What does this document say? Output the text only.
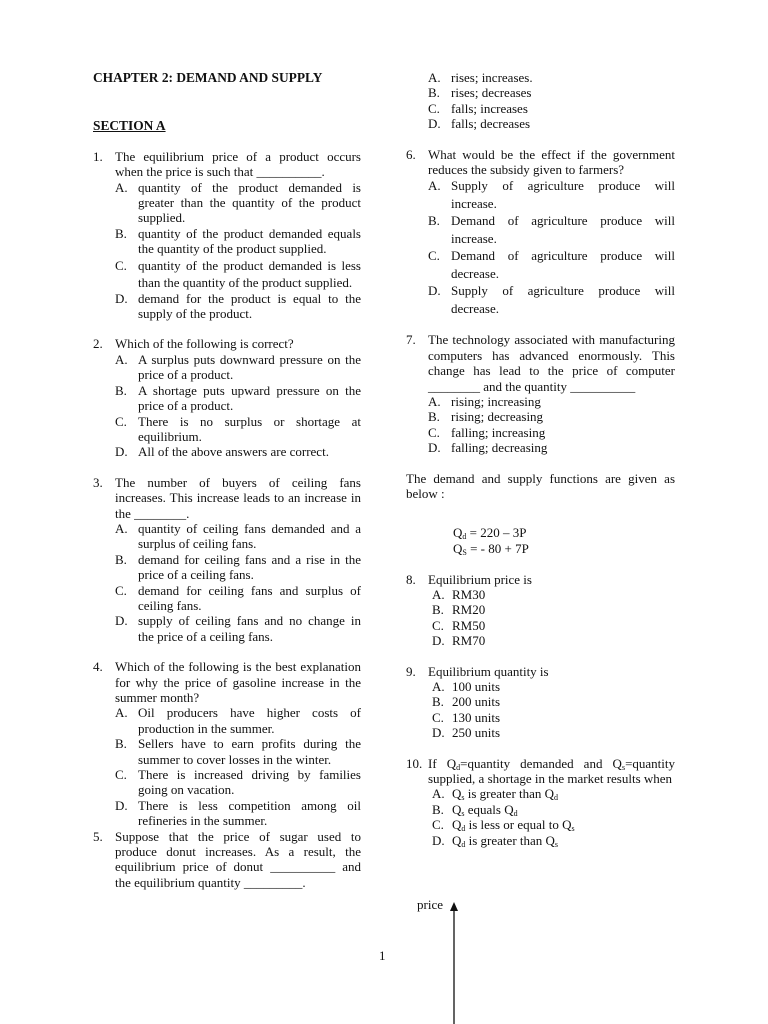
CHAPTER 2: DEMAND AND SUPPLY

SECTION A
1. The equilibrium price of a product occurs when the price is such that __________.
A. quantity of the product demanded is greater than the quantity of the product supplied.
B. quantity of the product demanded equals the quantity of the product supplied.
C. quantity of the product demanded is less than the quantity of the product supplied.
D. demand for the product is equal to the supply of the product.
2. Which of the following is correct?
A. A surplus puts downward pressure on the price of a product.
B. A shortage puts upward pressure on the price of a product.
C. There is no surplus or shortage at equilibrium.
D. All of the above answers are correct.
3. The number of buyers of ceiling fans increases. This increase leads to an increase in the ________.
A. quantity of ceiling fans demanded and a surplus of ceiling fans.
B. demand for ceiling fans and a rise in the price of a ceiling fans.
C. demand for ceiling fans and surplus of ceiling fans.
D. supply of ceiling fans and no change in the price of a ceiling fans.
4. Which of the following is the best explanation for why the price of gasoline increase in the summer month?
A. Oil producers have higher costs of production in the summer.
B. Sellers have to earn profits during the summer to cover losses in the winter.
C. There is increased driving by families going on vacation.
D. There is less competition among oil refineries in the summer.
5. Suppose that the price of sugar used to produce donut increases. As a result, the equilibrium price of donut __________ and the equilibrium quantity _________.
A. rises; increases.
B. rises; decreases
C. falls; increases
D. falls; decreases
6. What would be the effect if the government reduces the subsidy given to farmers?
A. Supply of agriculture produce will increase.
B. Demand of agriculture produce will increase.
C. Demand of agriculture produce will decrease.
D. Supply of agriculture produce will decrease.
7. The technology associated with manufacturing computers has advanced enormously. This change has lead to the price of computer ________ and the quantity __________
A. rising; increasing
B. rising; decreasing
C. falling; increasing
D. falling; decreasing
The demand and supply functions are given as below :
$Q_d = 220 - 3P$
$Q_S$ = - 80 + 7P
8. Equilibrium price is
A. RM30
B. RM20
C. RM50
D. RM70
9. Equilibrium quantity is
A. 100 units
B. 200 units
C. 130 units
D. 250 units
10. If $Q_d=quantity$ demanded and $Q_s=quantity$ supplied, a shortage in the market results when
A. $Q_s$ is greater than $Q_d$
B. $Q_s$ equals $Q_d$
C. $Q_d$ is less or equal to $Q_s$
D. $Q_d$ is greater than $Q_s$
price
1
